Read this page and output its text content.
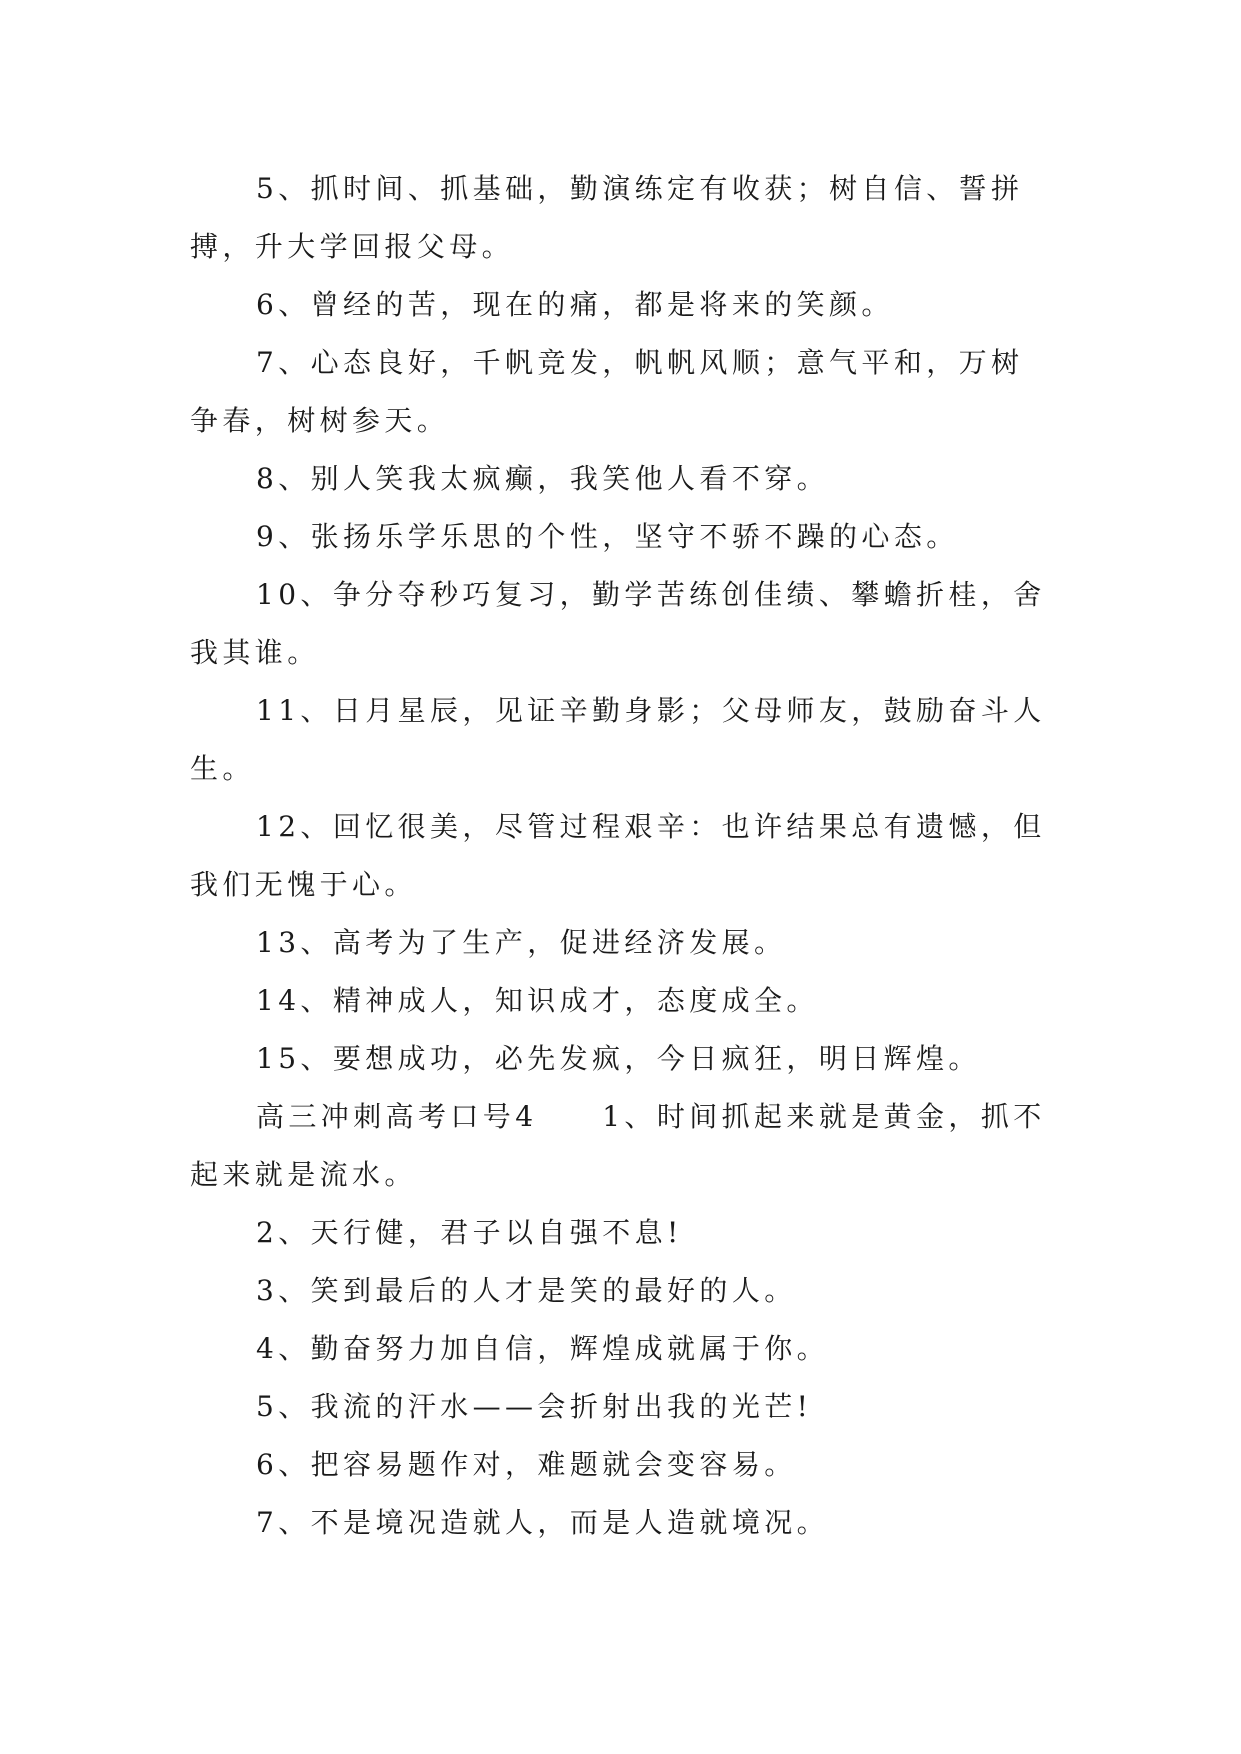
5、抓时间、抓基础，勤演练定有收获；树自信、誓拼搏，升大学回报父母。

6、曾经的苦，现在的痛，都是将来的笑颜。

7、心态良好，千帆竞发，帆帆风顺；意气平和，万树争春，树树参天。

8、别人笑我太疯癫，我笑他人看不穿。

9、张扬乐学乐思的个性，坚守不骄不躁的心态。

10、争分夺秒巧复习，勤学苦练创佳绩、攀蟾折桂，舍我其谁。

11、日月星辰，见证辛勤身影；父母师友，鼓励奋斗人生。

12、回忆很美，尽管过程艰辛：也许结果总有遗憾，但我们无愧于心。

13、高考为了生产，促进经济发展。

14、精神成人，知识成才，态度成全。

15、要想成功，必先发疯，今日疯狂，明日辉煌。

高三冲刺高考口号4　　1、时间抓起来就是黄金，抓不起来就是流水。

2、天行健，君子以自强不息!

3、笑到最后的人才是笑的最好的人。

4、勤奋努力加自信，辉煌成就属于你。

5、我流的汗水——会折射出我的光芒!

6、把容易题作对，难题就会变容易。

7、不是境况造就人，而是人造就境况。
